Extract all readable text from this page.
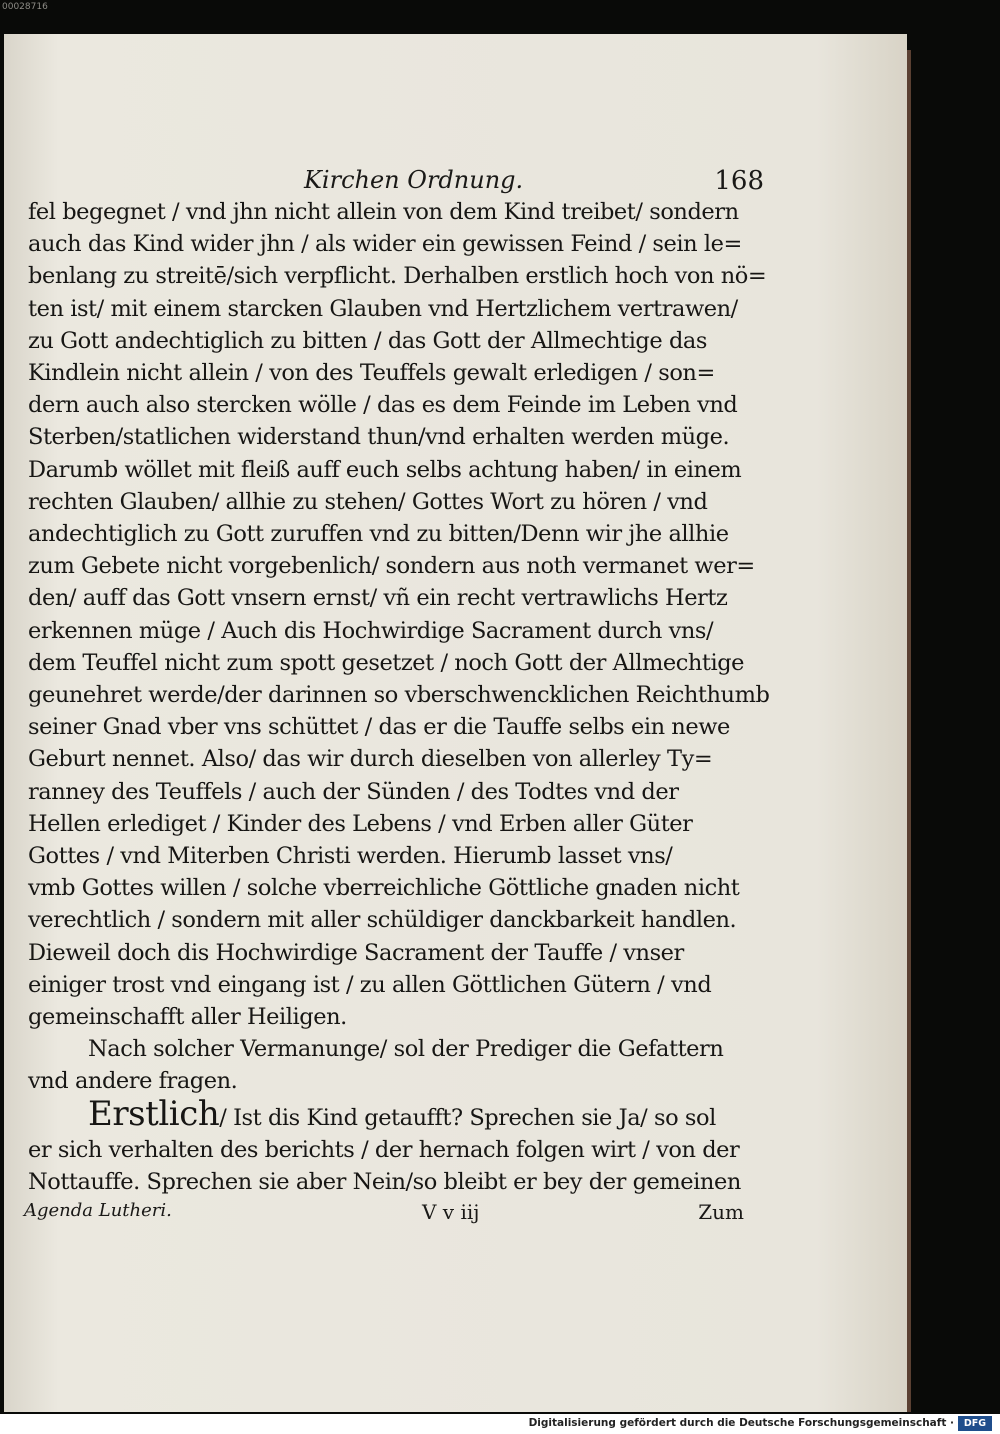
00028716
Kirchen Ordnung.	168
fel begegnet / vnd jhn nicht allein von dem Kind treibet/ sondern
auch das Kind wider jhn / als wider ein gewissen Feind / sein le=
benlang zu streitē/sich verpflicht. Derhalben erstlich hoch von nö=
ten ist/ mit einem starcken Glauben vnd Hertzlichem vertrawen/
zu Gott andechtiglich zu bitten / das Gott der Allmechtige das
Kindlein nicht allein / von des Teuffels gewalt erledigen / son=
dern auch also stercken wölle / das es dem Feinde im Leben vnd
Sterben/statlichen widerstand thun/vnd erhalten werden müge.
Darumb wöllet mit fleiß auff euch selbs achtung haben/ in einem
rechten Glauben/ allhie zu stehen/ Gottes Wort zu hören / vnd
andechtiglich zu Gott zuruffen vnd zu bitten/Denn wir jhe allhie
zum Gebete nicht vorgebenlich/ sondern aus noth vermanet wer=
den/ auff das Gott vnsern ernst/ vñ ein recht vertrawlichs Hertz
erkennen müge / Auch dis Hochwirdige Sacrament durch vns/
dem Teuffel nicht zum spott gesetzet / noch Gott der Allmechtige
geunehret werde/der darinnen so vberschwencklichen Reichthumb
seiner Gnad vber vns schüttet / das er die Tauffe selbs ein newe
Geburt nennet. Also/ das wir durch dieselben von allerley Ty=
ranney des Teuffels / auch der Sünden / des Todtes vnd der
Hellen erlediget / Kinder des Lebens / vnd Erben aller Güter
Gottes / vnd Miterben Christi werden. Hierumb lasset vns/
vmb Gottes willen / solche vberreichliche Göttliche gnaden nicht
verechtlich / sondern mit aller schüldiger danckbarkeit handlen.
Dieweil doch dis Hochwirdige Sacrament der Tauffe / vnser
einiger trost vnd eingang ist / zu allen Göttlichen Gütern / vnd
gemeinschafft aller Heiligen.
Nach solcher Vermanunge/ sol der Prediger die Gefattern
vnd andere fragen.
Erstlich/ Ist dis Kind getaufft? Sprechen sie Ja/ so sol
er sich verhalten des berichts / der hernach folgen wirt / von der
Nottauffe. Sprechen sie aber Nein/so bleibt er bey der gemeinen
Agenda Lutheri.	V v iij	Zum
Digitalisierung gefördert durch die Deutsche Forschungsgemeinschaft ·	DFG
